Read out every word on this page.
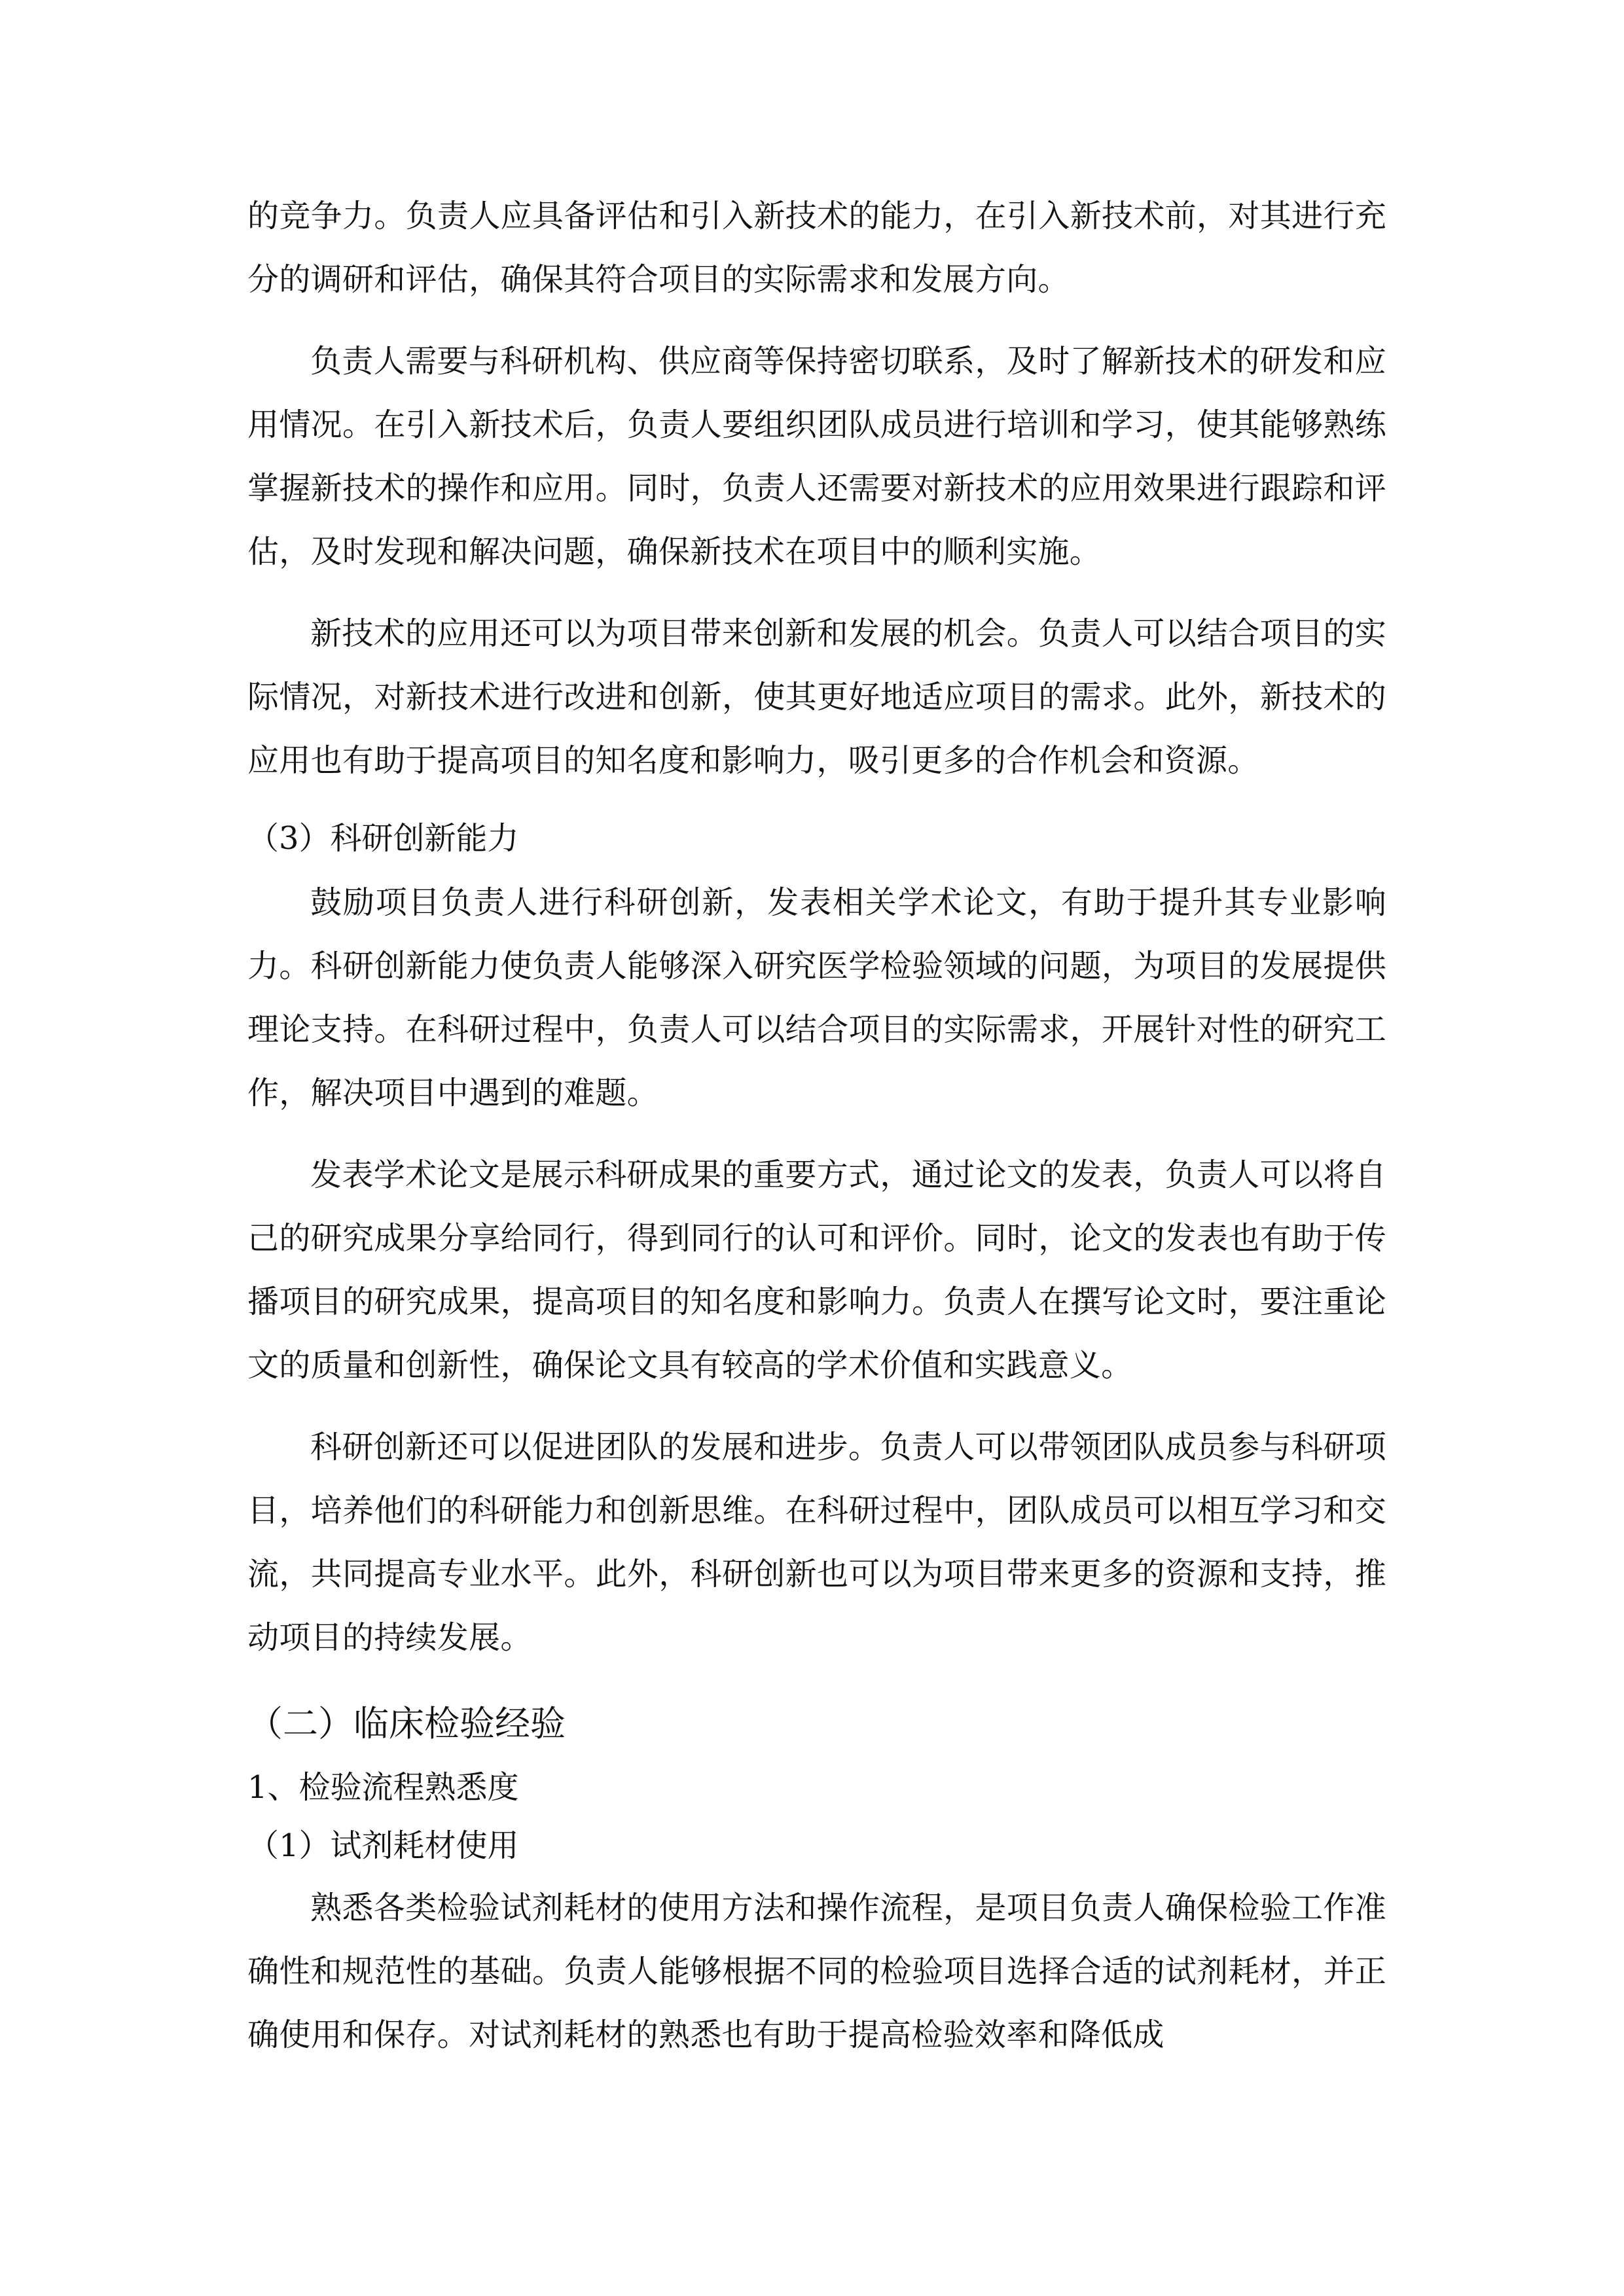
的竞争力。负责人应具备评估和引入新技术的能力，在引入新技术前，对其进行充分的调研和评估，确保其符合项目的实际需求和发展方向。

负责人需要与科研机构、供应商等保持密切联系，及时了解新技术的研发和应用情况。在引入新技术后，负责人要组织团队成员进行培训和学习，使其能够熟练掌握新技术的操作和应用。同时，负责人还需要对新技术的应用效果进行跟踪和评估，及时发现和解决问题，确保新技术在项目中的顺利实施。

新技术的应用还可以为项目带来创新和发展的机会。负责人可以结合项目的实际情况，对新技术进行改进和创新，使其更好地适应项目的需求。此外，新技术的应用也有助于提高项目的知名度和影响力，吸引更多的合作机会和资源。

（3）科研创新能力

鼓励项目负责人进行科研创新，发表相关学术论文，有助于提升其专业影响力。科研创新能力使负责人能够深入研究医学检验领域的问题，为项目的发展提供理论支持。在科研过程中，负责人可以结合项目的实际需求，开展针对性的研究工作，解决项目中遇到的难题。

发表学术论文是展示科研成果的重要方式，通过论文的发表，负责人可以将自己的研究成果分享给同行，得到同行的认可和评价。同时，论文的发表也有助于传播项目的研究成果，提高项目的知名度和影响力。负责人在撰写论文时，要注重论文的质量和创新性，确保论文具有较高的学术价值和实践意义。

科研创新还可以促进团队的发展和进步。负责人可以带领团队成员参与科研项目，培养他们的科研能力和创新思维。在科研过程中，团队成员可以相互学习和交流，共同提高专业水平。此外，科研创新也可以为项目带来更多的资源和支持，推动项目的持续发展。

（二）临床检验经验

1、检验流程熟悉度

（1）试剂耗材使用

熟悉各类检验试剂耗材的使用方法和操作流程，是项目负责人确保检验工作准确性和规范性的基础。负责人能够根据不同的检验项目选择合适的试剂耗材，并正确使用和保存。对试剂耗材的熟悉也有助于提高检验效率和降低成
